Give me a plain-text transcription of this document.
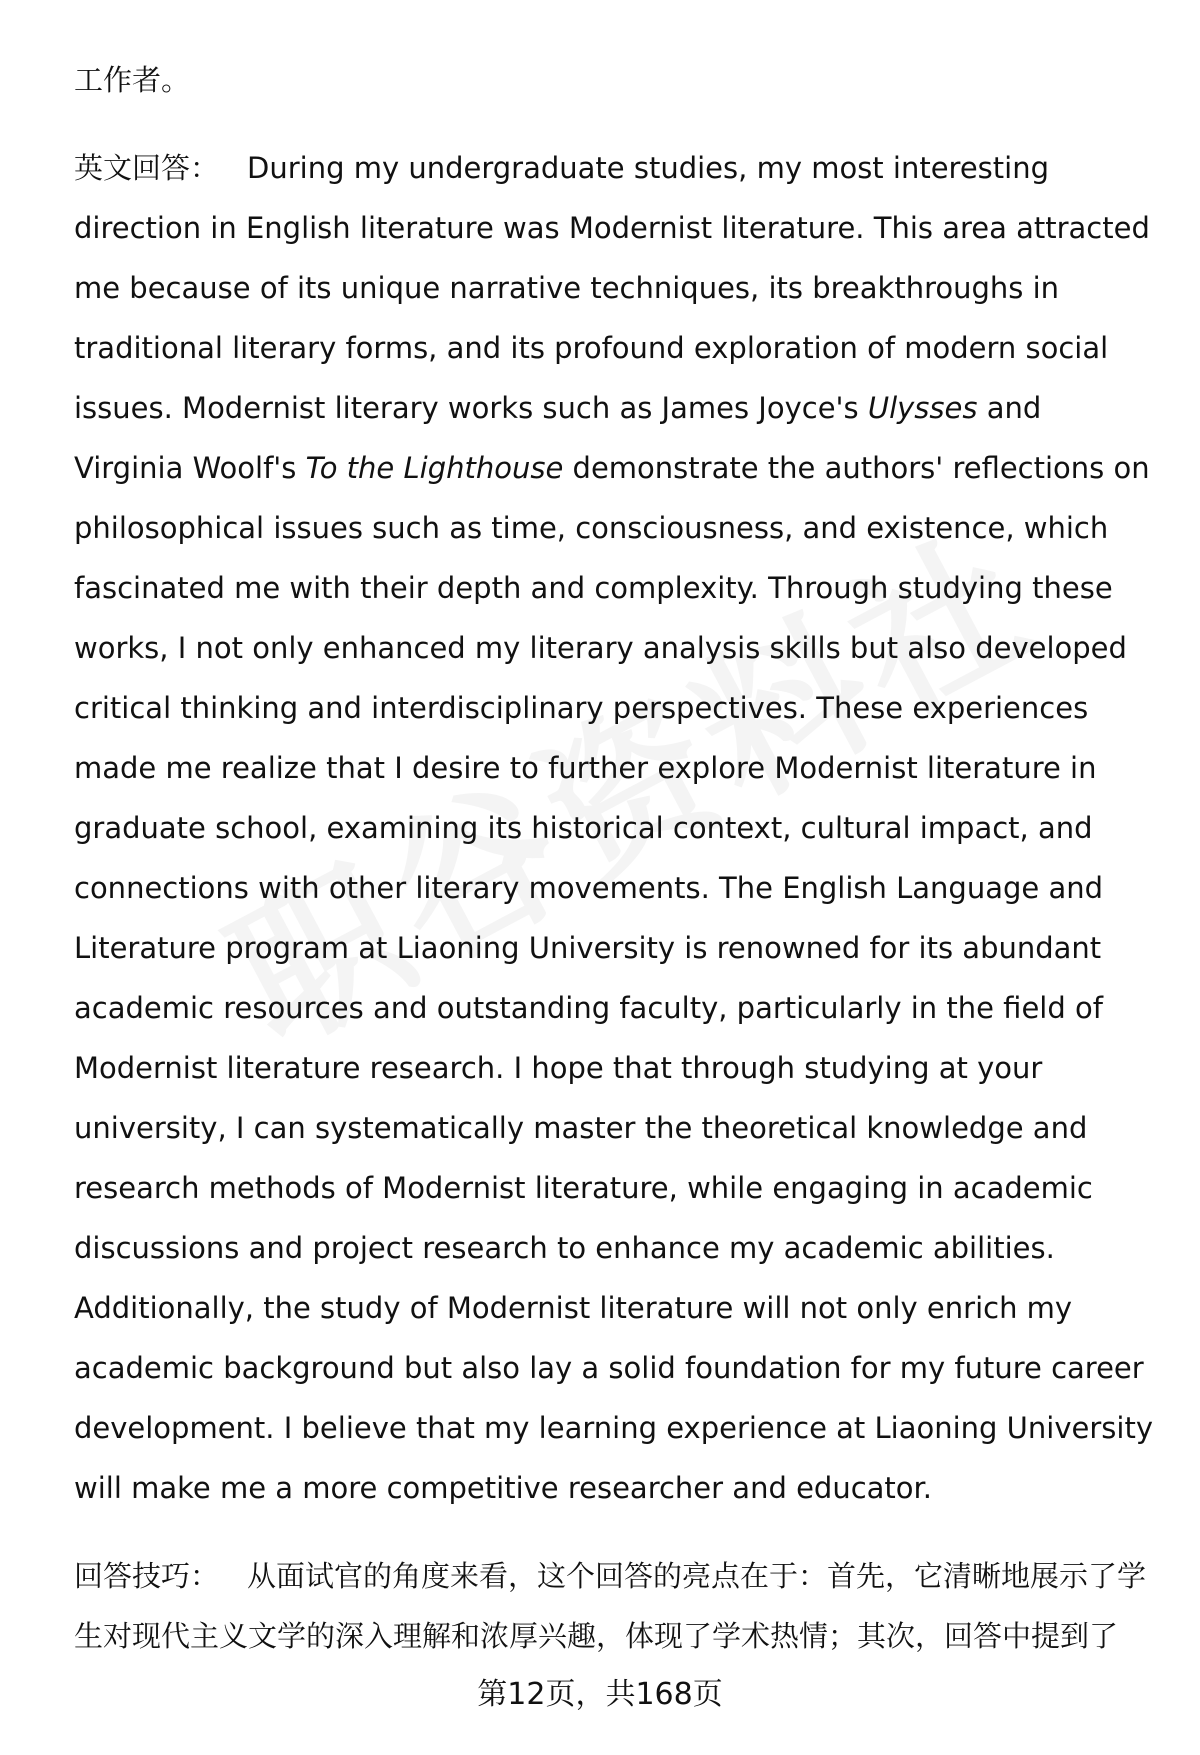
工作者。

英文回答： During my undergraduate studies, my most interesting direction in English literature was Modernist literature. This area attracted me because of its unique narrative techniques, its breakthroughs in traditional literary forms, and its profound exploration of modern social issues. Modernist literary works such as James Joyce's Ulysses and Virginia Woolf's To the Lighthouse demonstrate the authors' reflections on philosophical issues such as time, consciousness, and existence, which fascinated me with their depth and complexity. Through studying these works, I not only enhanced my literary analysis skills but also developed critical thinking and interdisciplinary perspectives. These experiences made me realize that I desire to further explore Modernist literature in graduate school, examining its historical context, cultural impact, and connections with other literary movements. The English Language and Literature program at Liaoning University is renowned for its abundant academic resources and outstanding faculty, particularly in the field of Modernist literature research. I hope that through studying at your university, I can systematically master the theoretical knowledge and research methods of Modernist literature, while engaging in academic discussions and project research to enhance my academic abilities. Additionally, the study of Modernist literature will not only enrich my academic background but also lay a solid foundation for my future career development. I believe that my learning experience at Liaoning University will make me a more competitive researcher and educator.

回答技巧： 从面试官的角度来看，这个回答的亮点在于：首先，它清晰地展示了学生对现代主义文学的深入理解和浓厚兴趣，体现了学术热情；其次，回答中提到了

第12页，共168页
